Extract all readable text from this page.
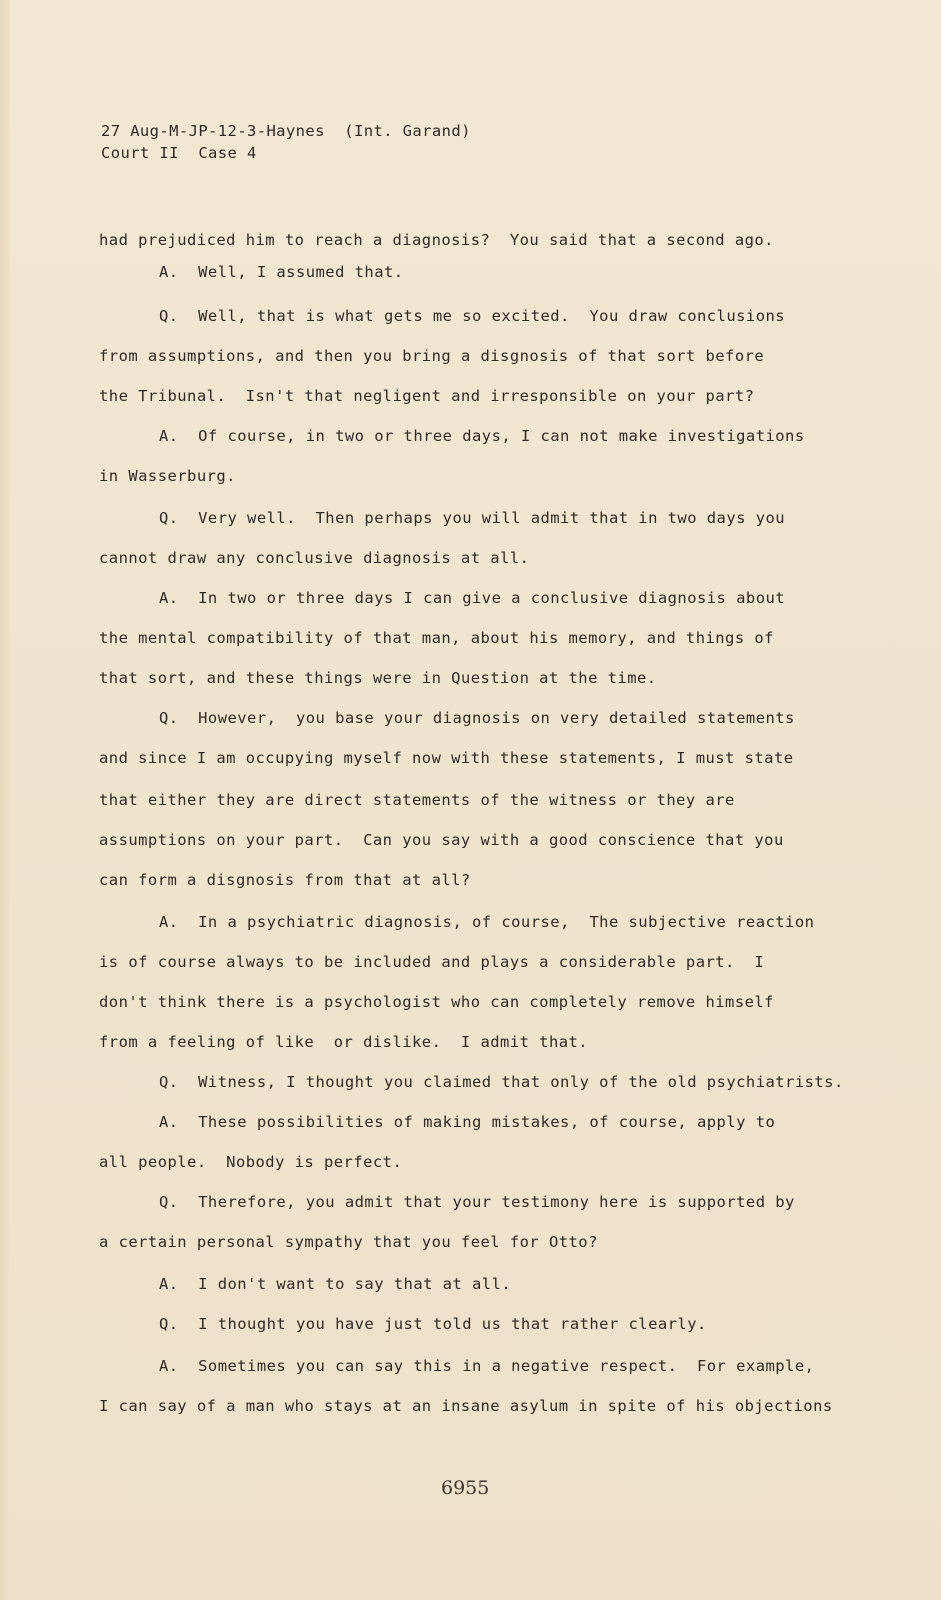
27 Aug-M-JP-12-3-Haynes  (Int. Garand)
Court II  Case 4
had prejudiced him to reach a diagnosis?  You said that a second ago.
A.  Well, I assumed that.
Q.  Well, that is what gets me so excited.  You draw conclusions
from assumptions, and then you bring a disgnosis of that sort before
the Tribunal.  Isn't that negligent and irresponsible on your part?
A.  Of course, in two or three days, I can not make investigations
in Wasserburg.
Q.  Very well.  Then perhaps you will admit that in two days you
cannot draw any conclusive diagnosis at all.
A.  In two or three days I can give a conclusive diagnosis about
the mental compatibility of that man, about his memory, and things of
that sort, and these things were in Question at the time.
Q.  However,  you base your diagnosis on very detailed statements
and since I am occupying myself now with these statements, I must state
that either they are direct statements of the witness or they are
assumptions on your part.  Can you say with a good conscience that you
can form a disgnosis from that at all?
A.  In a psychiatric diagnosis, of course,  The subjective reaction
is of course always to be included and plays a considerable part.  I
don't think there is a psychologist who can completely remove himself
from a feeling of like  or dislike.  I admit that.
Q.  Witness, I thought you claimed that only of the old psychiatrists.
A.  These possibilities of making mistakes, of course, apply to
all people.  Nobody is perfect.
Q.  Therefore, you admit that your testimony here is supported by
a certain personal sympathy that you feel for Otto?
A.  I don't want to say that at all.
Q.  I thought you have just told us that rather clearly.
A.  Sometimes you can say this in a negative respect.  For example,
I can say of a man who stays at an insane asylum in spite of his objections
6955
